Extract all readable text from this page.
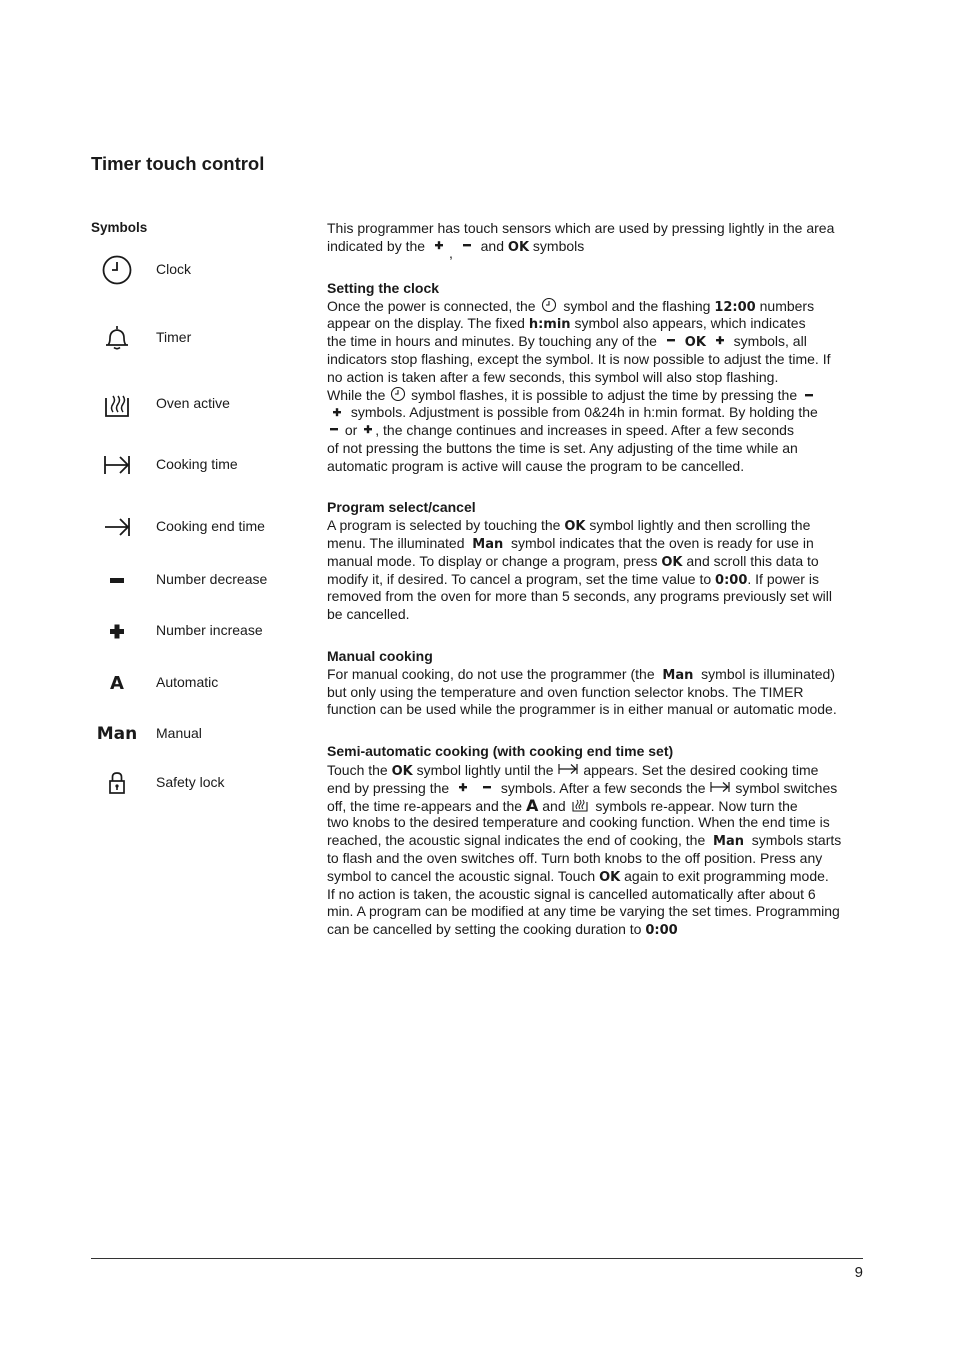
Timer touch control
Symbols
Clock
Timer
Oven active
Cooking time
Cooking end time
Number decrease
Number increase
A Automatic
Man Manual
Safety lock
This programmer has touch sensors which are used by pressing lightly in the area
indicated by the , and OK symbols
Setting the clock
Once the power is connected, the symbol and the flashing 12:00 numbers
appear on the display. The fixed h:min symbol also appears, which indicates
the time in hours and minutes. By touching any of the OK symbols, all
indicators stop flashing, except the symbol. It is now possible to adjust the time. If
no action is taken after a few seconds, this symbol will also stop flashing.
While the symbol flashes, it is possible to adjust the time by pressing the
symbols. Adjustment is possible from 0&24h in h:min format. By holding the
or , the change continues and increases in speed. After a few seconds
of not pressing the buttons the time is set. Any adjusting of the time while an
automatic program is active will cause the program to be cancelled.
Program select/cancel
A program is selected by touching the OK symbol lightly and then scrolling the
menu. The illuminated Man symbol indicates that the oven is ready for use in
manual mode. To display or change a program, press OK and scroll this data to
modify it, if desired. To cancel a program, set the time value to 0:00. If power is
removed from the oven for more than 5 seconds, any programs previously set will
be cancelled.
Manual cooking
For manual cooking, do not use the programmer (the Man symbol is illuminated)
but only using the temperature and oven function selector knobs. The TIMER
function can be used while the programmer is in either manual or automatic mode.
Semi-automatic cooking (with cooking end time set)
Touch the OK symbol lightly until the appears. Set the desired cooking time
end by pressing the	symbols. After a few seconds the symbol switches
off, the time re-appears and the A and symbols re-appear. Now turn the
two knobs to the desired temperature and cooking function. When the end time is
reached, the acoustic signal indicates the end of cooking, the Man symbols starts
to flash and the oven switches off. Turn both knobs to the off position. Press any
symbol to cancel the acoustic signal. Touch OK again to exit programming mode.
If no action is taken, the acoustic signal is cancelled automatically after about 6
min. A program can be modified at any time be varying the set times. Programming
can be cancelled by setting the cooking duration to 0:00
9
